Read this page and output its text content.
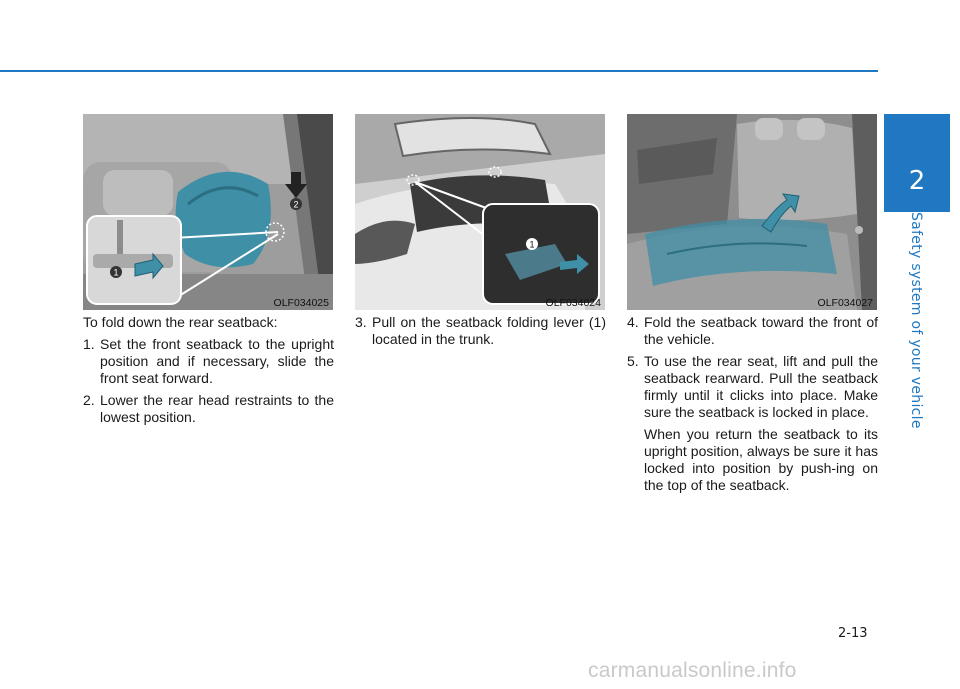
2
Safety system of your vehicle
2
1
OLF034025
1
OLF034024	OLF034027

To fold down the rear seatback:

1. Set the front seatback to the upright position and if necessary, slide the front seat forward.
2. Lower the rear head restraints to the lowest position.
3. Pull on the seatback folding lever (1) located in the trunk.
4. Fold the seatback toward the front of the vehicle.
5. To use the rear seat, lift and pull the seatback rearward. Pull the seatback firmly until it clicks into place. Make sure the seatback is locked in place.

When you return the seatback to its upright position, always be sure it has locked into position by push-ing on the top of the seatback.

2-13
carmanualsonline.info
